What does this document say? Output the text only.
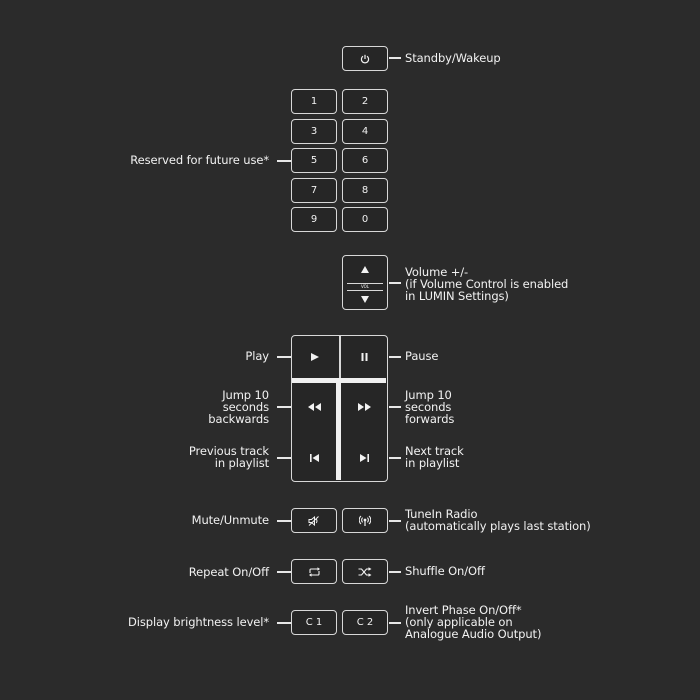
Standby/Wakeup
1	2
3	4
5	6
7	8
9	0
Reserved for future use*
VOL
Volume +/-
(if Volume Control is enabled
in LUMIN Settings)
Play	Pause
Jump 10
seconds
backwards
Jump 10
seconds
forwards
Previous track
in playlist
Next track
in playlist
Mute/Unmute	TuneIn Radio
(automatically plays last station)
Repeat On/Off	Shuffle On/Off
C 1	C 2
Display brightness level*
Invert Phase On/Off*
(only applicable on
Analogue Audio Output)
